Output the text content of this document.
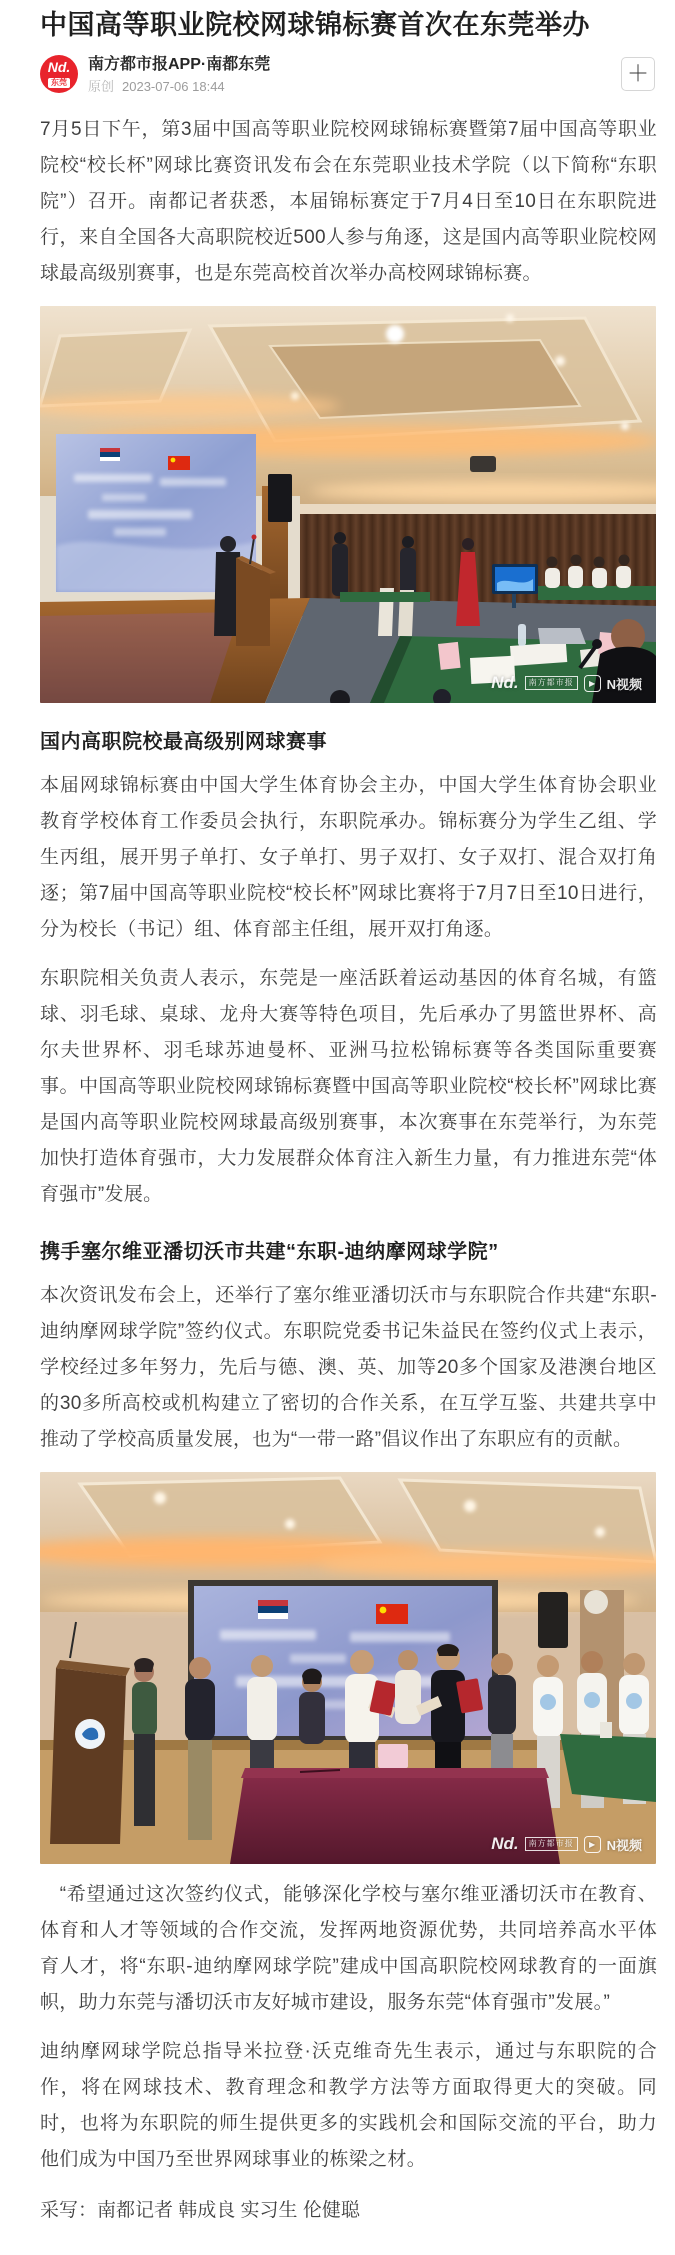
中国高等职业院校网球锦标赛首次在东莞举办
Nd.
东莞
南方都市报APP·南都东莞
原创 2023-07-06 18:44
＋

7月5日下午，第3届中国高等职业院校网球锦标赛暨第7届中国高等职业院校“校长杯”网球比赛资讯发布会在东莞职业技术学院（以下简称“东职院”）召开。南都记者获悉，本届锦标赛定于7月4日至10日在东职院进行，来自全国各大高职院校近500人参与角逐，这是国内高等职业院校网球最高级别赛事，也是东莞高校首次举办高校网球锦标赛。

Nd.	南方都市报	▶ N视频
国内高职院校最高级别网球赛事

本届网球锦标赛由中国大学生体育协会主办，中国大学生体育协会职业教育学校体育工作委员会执行，东职院承办。锦标赛分为学生乙组、学生丙组，展开男子单打、女子单打、男子双打、女子双打、混合双打角逐；第7届中国高等职业院校“校长杯”网球比赛将于7月7日至10日进行，分为校长（书记）组、体育部主任组，展开双打角逐。

东职院相关负责人表示，东莞是一座活跃着运动基因的体育名城，有篮球、羽毛球、桌球、龙舟大赛等特色项目，先后承办了男篮世界杯、高尔夫世界杯、羽毛球苏迪曼杯、亚洲马拉松锦标赛等各类国际重要赛事。中国高等职业院校网球锦标赛暨中国高等职业院校“校长杯”网球比赛是国内高等职业院校网球最高级别赛事，本次赛事在东莞举行，为东莞加快打造体育强市，大力发展群众体育注入新生力量，有力推进东莞“体育强市”发展。

携手塞尔维亚潘切沃市共建“东职-迪纳摩网球学院”

本次资讯发布会上，还举行了塞尔维亚潘切沃市与东职院合作共建“东职-迪纳摩网球学院”签约仪式。东职院党委书记朱益民在签约仪式上表示，学校经过多年努力，先后与德、澳、英、加等20多个国家及港澳台地区的30多所高校或机构建立了密切的合作关系，在互学互鉴、共建共享中推动了学校高质量发展，也为“一带一路”倡议作出了东职应有的贡献。

Nd.	南方都市报	▶ N视频

　“希望通过这次签约仪式，能够深化学校与塞尔维亚潘切沃市在教育、体育和人才等领域的合作交流，发挥两地资源优势，共同培养高水平体育人才，将“东职-迪纳摩网球学院”建成中国高职院校网球教育的一面旗帜，助力东莞与潘切沃市友好城市建设，服务东莞“体育强市”发展。”

迪纳摩网球学院总指导米拉登·沃克维奇先生表示，通过与东职院的合作，将在网球技术、教育理念和教学方法等方面取得更大的突破。同时，也将为东职院的师生提供更多的实践机会和国际交流的平台，助力他们成为中国乃至世界网球事业的栋梁之材。

采写：南都记者 韩成良 实习生 伦健聪
